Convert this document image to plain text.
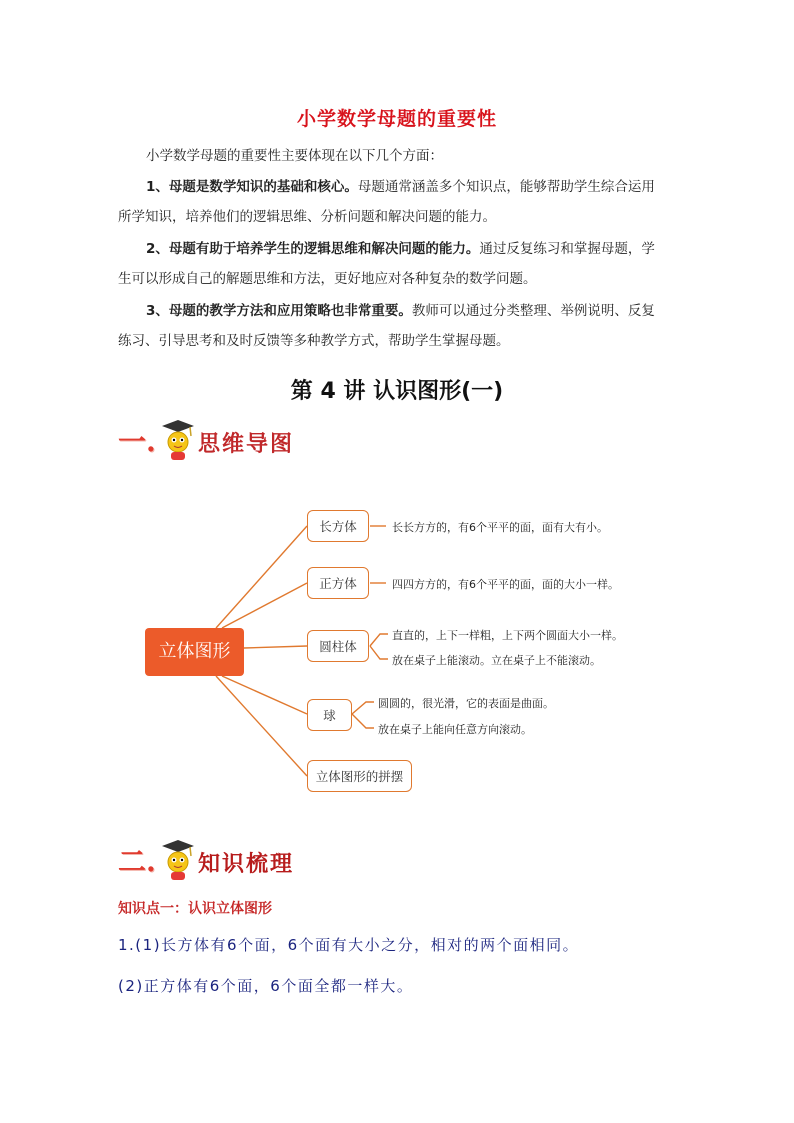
小学数学母题的重要性
小学数学母题的重要性主要体现在以下几个方面：
1、母题是数学知识的基础和核心。母题通常涵盖多个知识点，能够帮助学生综合运用
所学知识，培养他们的逻辑思维、分析问题和解决问题的能力。
2、母题有助于培养学生的逻辑思维和解决问题的能力。通过反复练习和掌握母题，学
生可以形成自己的解题思维和方法，更好地应对各种复杂的数学问题。
3、母题的教学方法和应用策略也非常重要。教师可以通过分类整理、举例说明、反复
练习、引导思考和及时反馈等多种教学方式，帮助学生掌握母题。
第 4 讲 认识图形(一)
一. 思维导图
立体图形
长方体
正方体
圆柱体
球
立体图形的拼摆
长长方方的，有6个平平的面，面有大有小。
四四方方的，有6个平平的面，面的大小一样。
直直的，上下一样粗，上下两个圆面大小一样。
放在桌子上能滚动。立在桌子上不能滚动。
圆圆的，很光滑，它的表面是曲面。
放在桌子上能向任意方向滚动。
二. 知识梳理
知识点一：认识立体图形
1.(1)长方体有6个面，6个面有大小之分，相对的两个面相同。
(2)正方体有6个面，6个面全都一样大。
